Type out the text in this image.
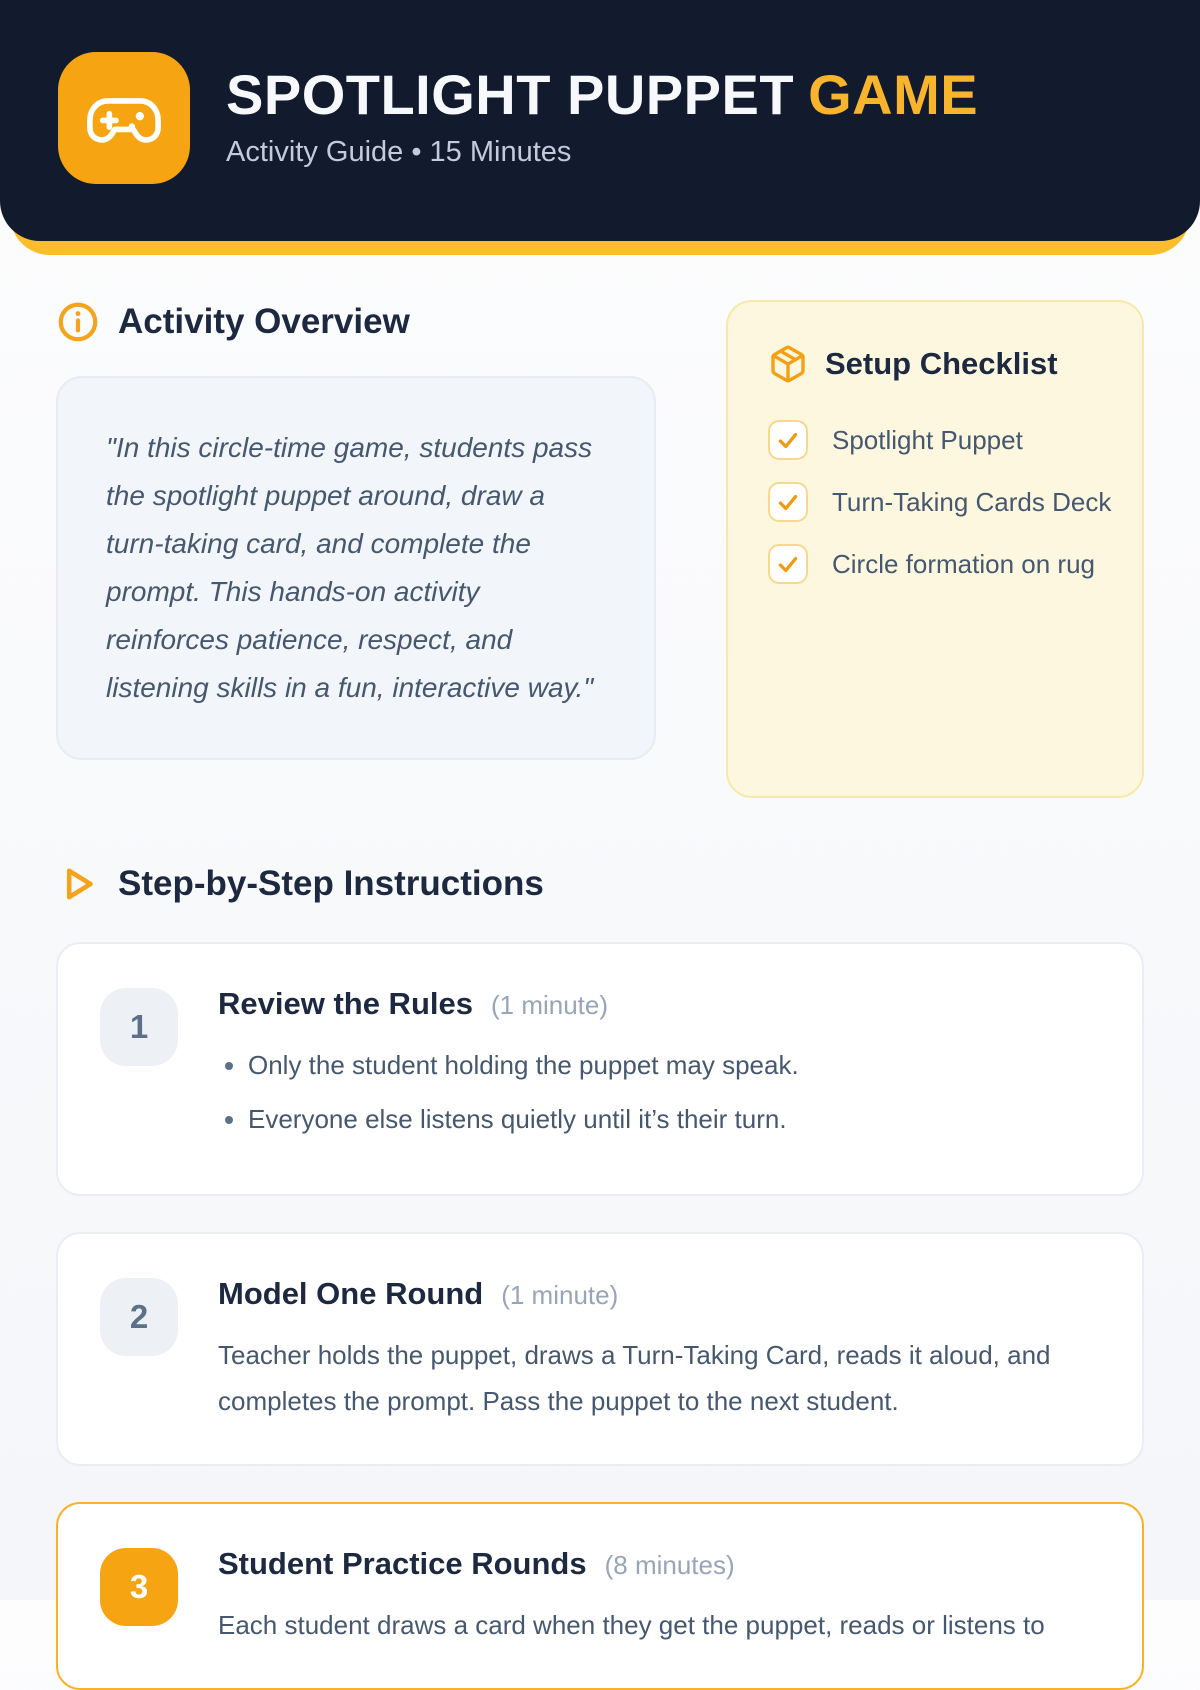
SPOTLIGHT PUPPET GAME

Activity Guide • 15 Minutes

Activity Overview

"In this circle-time game, students pass the spotlight puppet around, draw a turn-taking card, and complete the prompt. This hands-on activity reinforces patience, respect, and listening skills in a fun, interactive way."

Setup Checklist
Spotlight Puppet
Turn-Taking Cards Deck
Circle formation on rug
Step-by-Step Instructions
1
Review the Rules (1 minute)
• Only the student holding the puppet may speak.
• Everyone else listens quietly until it’s their turn.
2
Model One Round (1 minute)

Teacher holds the puppet, draws a Turn-Taking Card, reads it aloud, and completes the prompt. Pass the puppet to the next student.

3
Student Practice Rounds (8 minutes)

Each student draws a card when they get the puppet, reads or listens to
